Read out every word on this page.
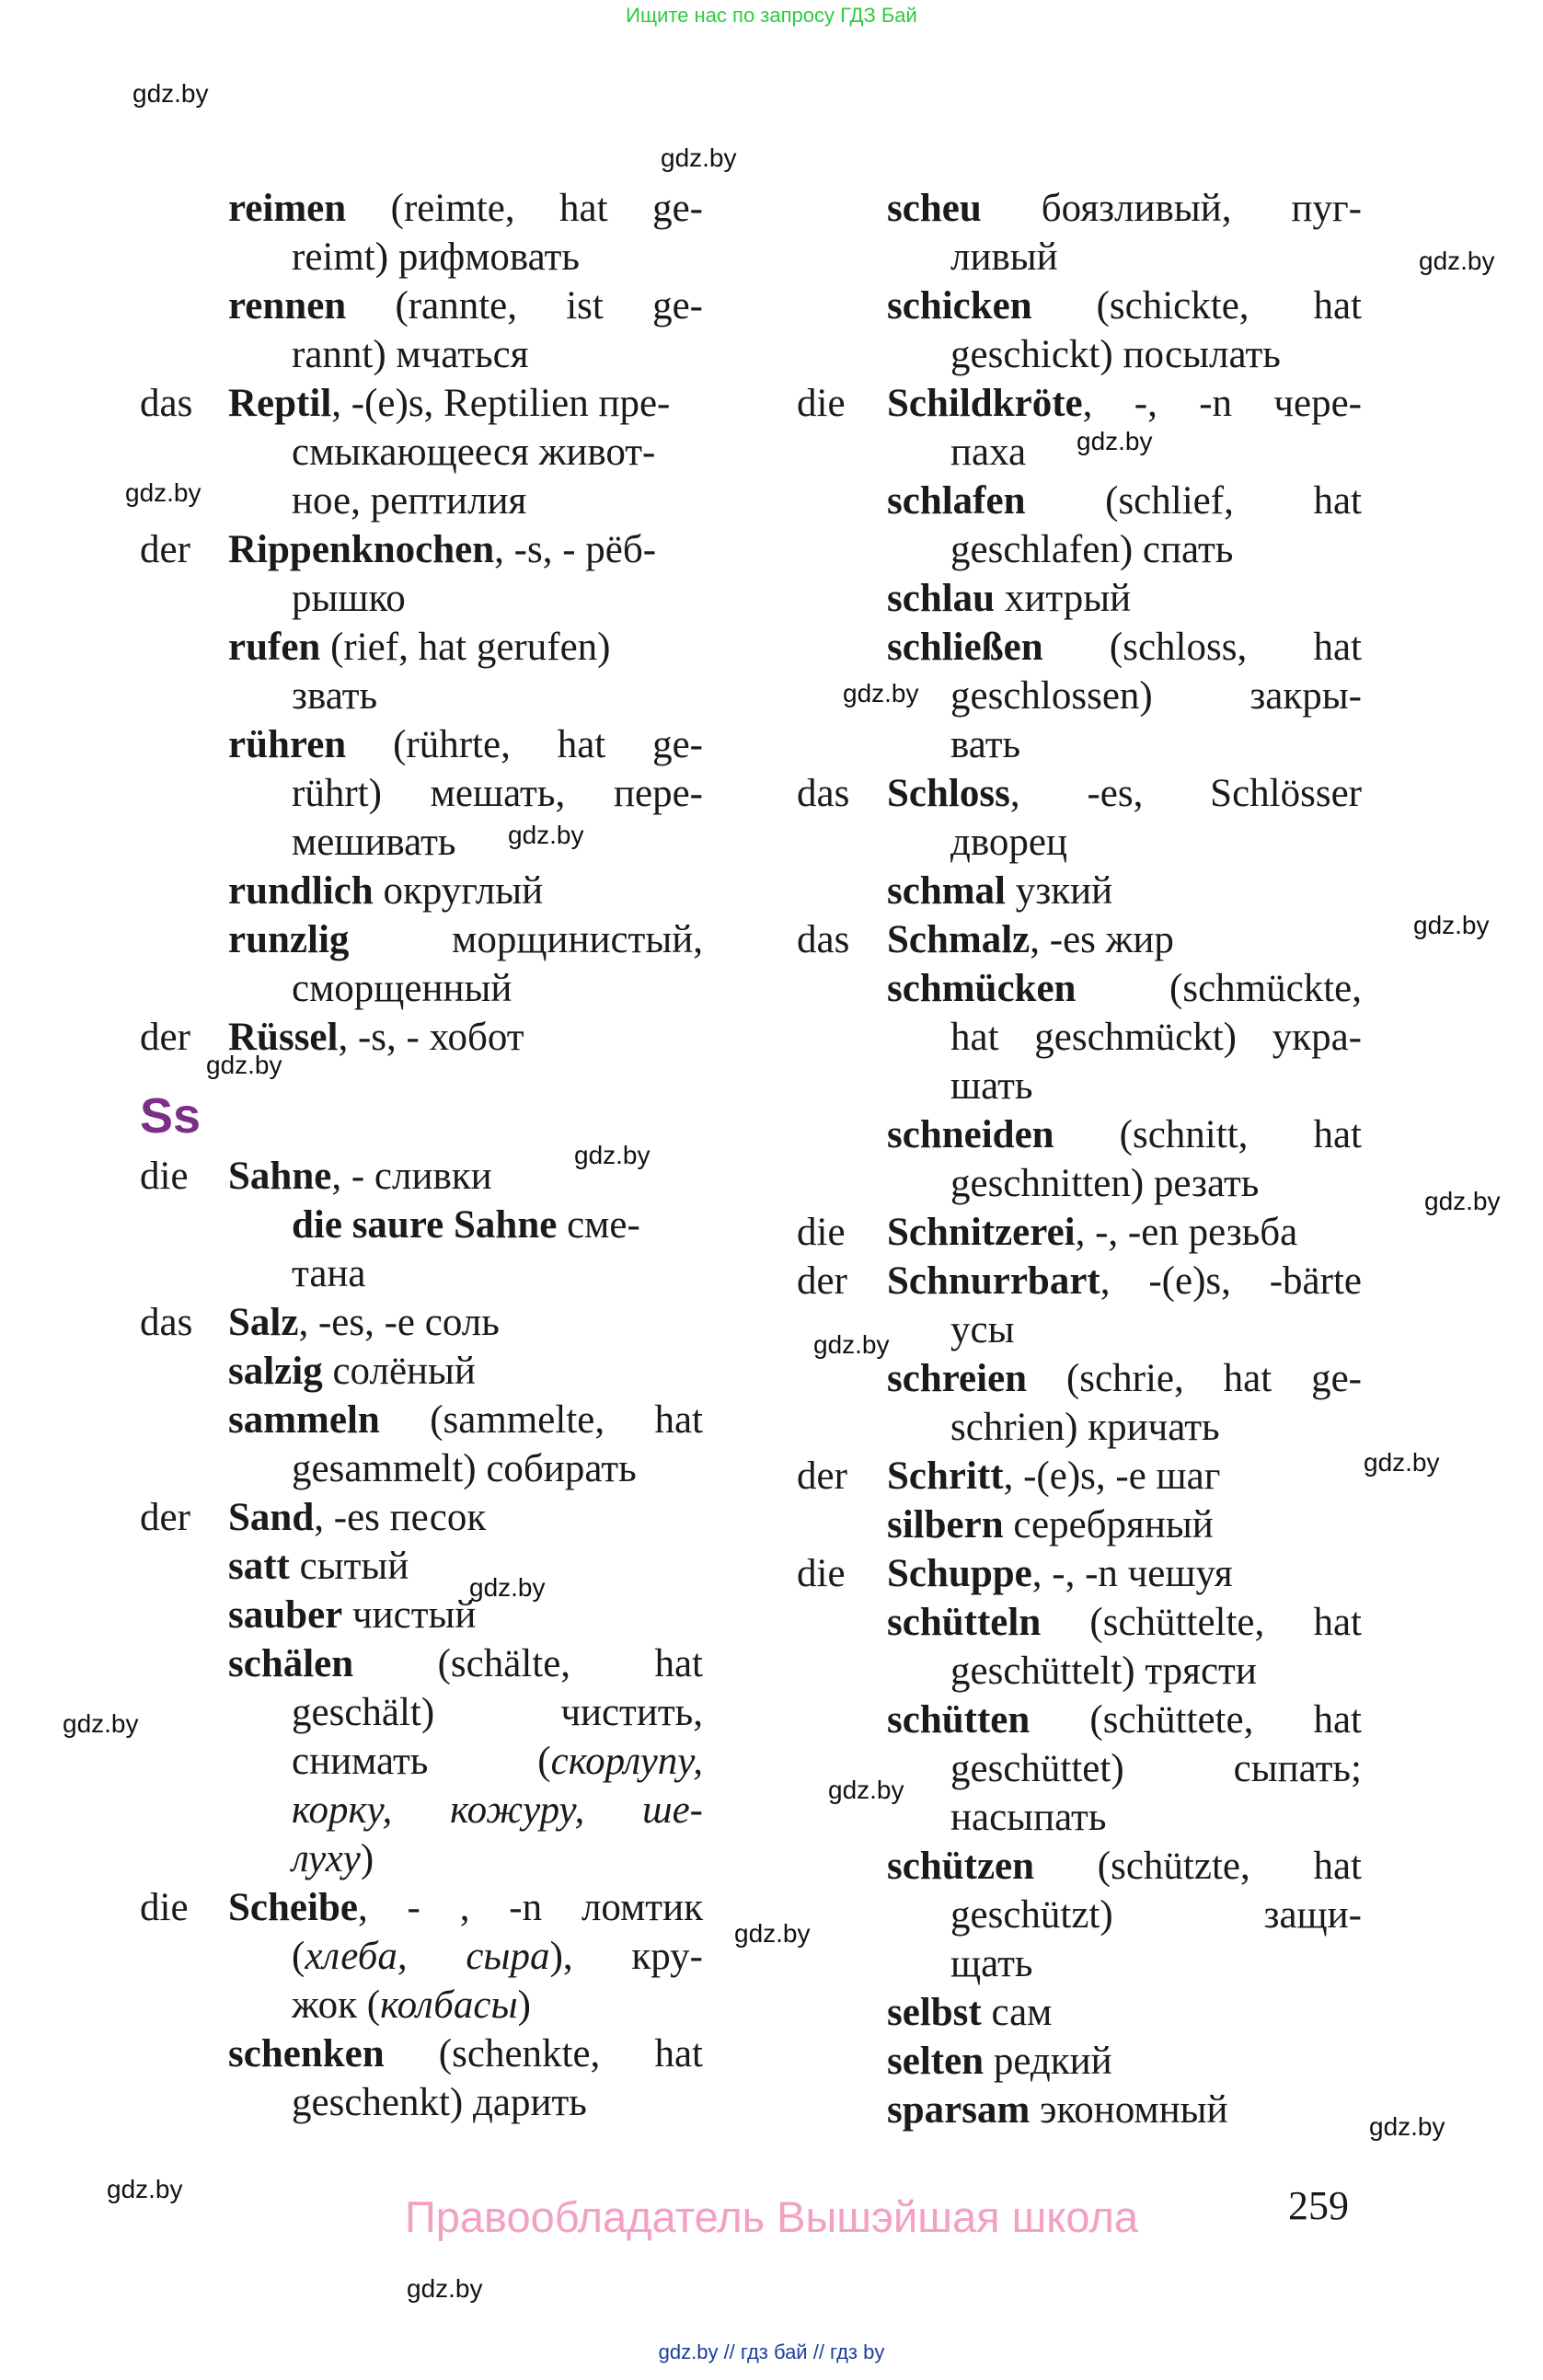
Ищите нас по запросу ГДЗ Бай
gdz.by
gdz.by
gdz.by
gdz.by
gdz.by
gdz.by
gdz.by
gdz.by
gdz.by
gdz.by
gdz.by
gdz.by
gdz.by
gdz.by
gdz.by
gdz.by
gdz.by
gdz.by
gdz.by
gdz.by
reimen (reimte, hat ge-
reimt) рифмовать
rennen (rannte, ist ge-
rannt) мчаться
das Reptil, -(e)s, Reptilien пре-
смыкающееся живот-
ное, рептилия
der Rippenknochen, -s, - рёб-
рышко
rufen (rief, hat gerufen)
звать
rühren (rührte, hat ge-
rührt) мешать, пере-
мешивать
rundlich округлый
runzlig морщинистый,
сморщенный
der Rüssel, -s, - хобот
Ss
die Sahne, - сливки
die saure Sahne сме-
тана
das Salz, -es, -e соль
salzig солёный
sammeln (sammelte, hat
gesammelt) собирать
der Sand, -es песок
satt сытый
sauber чистый
schälen (schälte, hat
geschält) чистить,
снимать (скорлупу,
корку, кожуру, ше-
луху)
die Scheibe, - , -n ломтик
(хлеба, сыра), кру-
жок (колбасы)
schenken (schenkte, hat
geschenkt) дарить
scheu боязливый, пуг-
ливый
schicken (schickte, hat
geschickt) посылать
die Schildkröte, -, -n чере-
паха
schlafen (schlief, hat
geschlafen) спать
schlau хитрый
schließen (schloss, hat
geschlossen) закры-
вать
das Schloss, -es, Schlösser
дворец
schmal узкий
das Schmalz, -es жир
schmücken (schmückte,
hat geschmückt) укра-
шать
schneiden (schnitt, hat
geschnitten) резать
die Schnitzerei, -, -en резьба
der Schnurrbart, -(e)s, -bärte
усы
schreien (schrie, hat ge-
schrien) кричать
der Schritt, -(e)s, -e шаг
silbern серебряный
die Schuppe, -, -n чешуя
schütteln (schüttelte, hat
geschüttelt) трясти
schütten (schüttete, hat
geschüttet) сыпать;
насыпать
schützen (schützte, hat
geschützt) защи-
щать
selbst сам
selten редкий
sparsam экономный
259
Правообладатель Вышэйшая школа
gdz.by // гдз бай // гдз by
